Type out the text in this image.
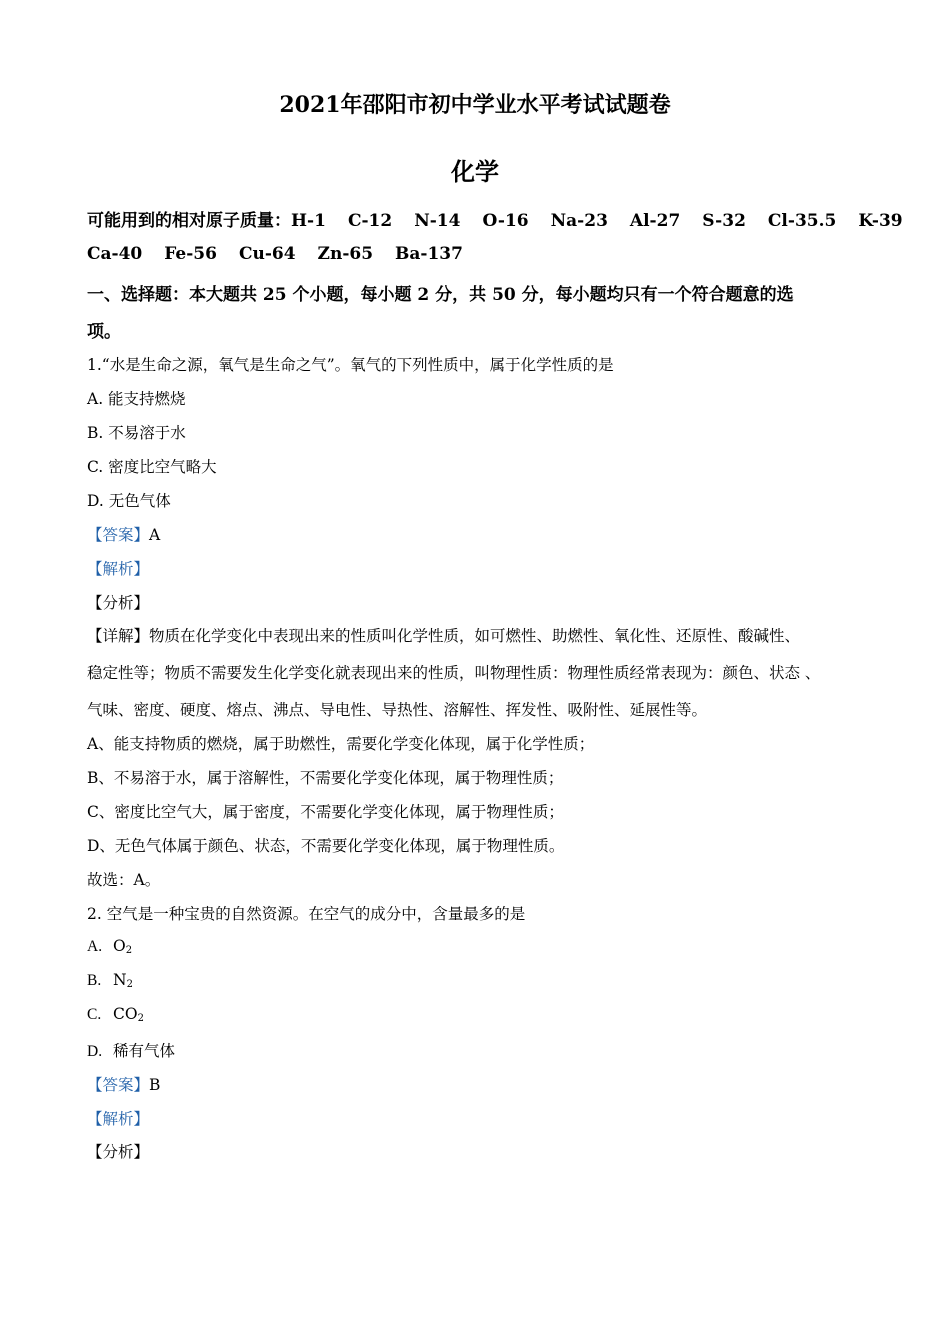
2021年邵阳市初中学业水平考试试题卷
化学
可能用到的相对原子质量：H-1 C-12 N-14 O-16 Na-23 Al-27 S-32 Cl-35.5 K-39
Ca-40 Fe-56 Cu-64 Zn-65 Ba-137
一、选择题：本大题共 25 个小题，每小题 2 分，共 50 分，每小题均只有一个符合题意的选
项。
1.“水是生命之源，氧气是生命之气”。氧气的下列性质中，属于化学性质的是
A. 能支持燃烧
B. 不易溶于水
C. 密度比空气略大
D. 无色气体
【答案】A
【解析】
【分析】
【详解】物质在化学变化中表现出来的性质叫化学性质，如可燃性、助燃性、氧化性、还原性、酸碱性、
稳定性等；物质不需要发生化学变化就表现出来的性质，叫物理性质：物理性质经常表现为：颜色、状态 、
气味、密度、硬度、熔点、沸点、导电性、导热性、溶解性、挥发性、吸附性、延展性等。
A、能支持物质的燃烧，属于助燃性，需要化学变化体现，属于化学性质；
B、不易溶于水，属于溶解性，不需要化学变化体现，属于物理性质；
C、密度比空气大，属于密度，不需要化学变化体现，属于物理性质；
D、无色气体属于颜色、状态，不需要化学变化体现，属于物理性质。
故选：A。
2. 空气是一种宝贵的自然资源。在空气的成分中，含量最多的是
A. $O_2$
B. $N_2$
C. $CO_2$
D. 稀有气体
【答案】B
【解析】
【分析】
